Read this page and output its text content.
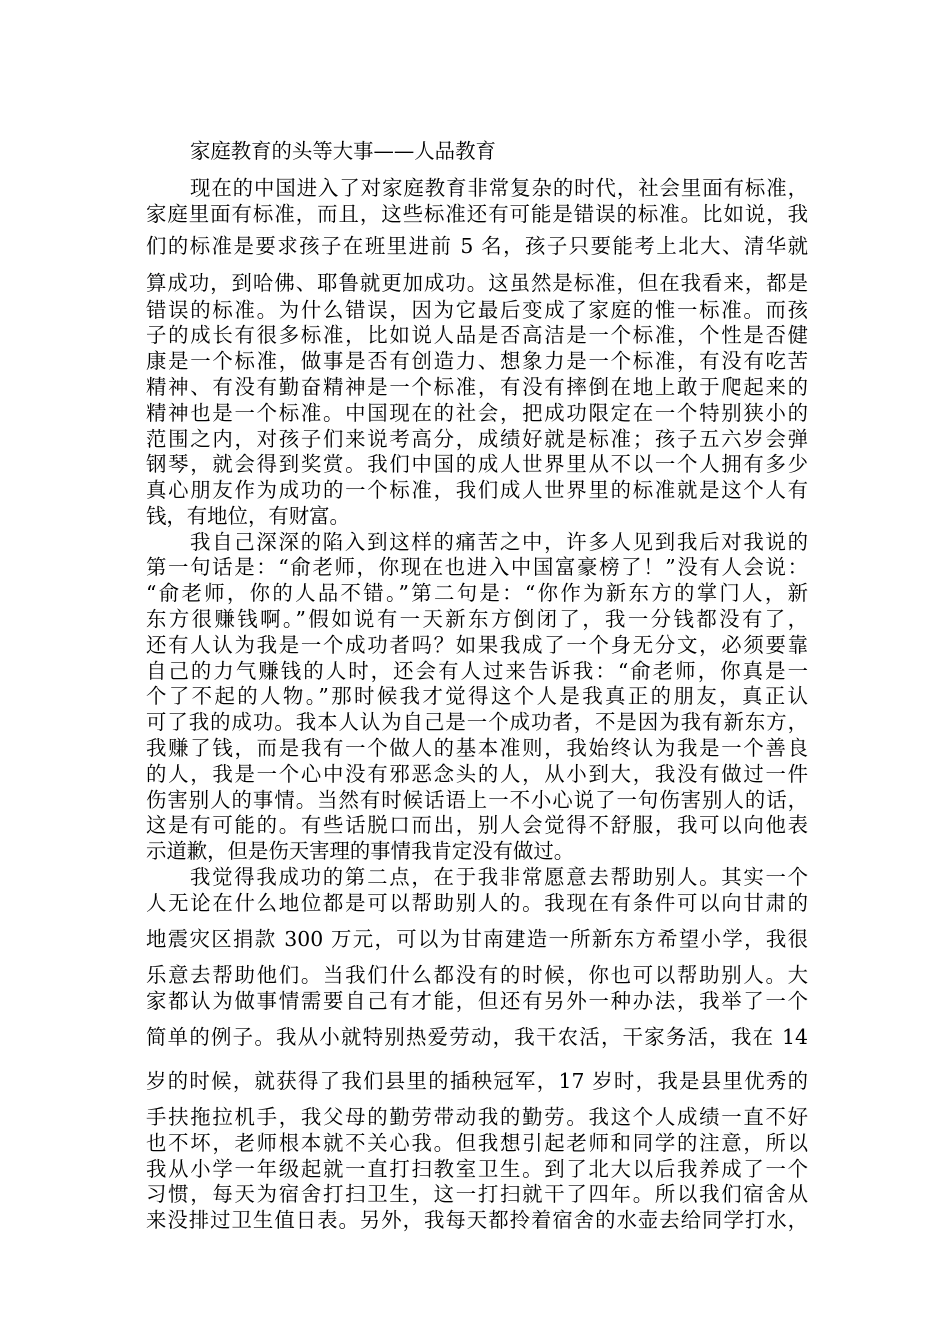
家庭教育的头等大事——人品教育
现在的中国进入了对家庭教育非常复杂的时代，社会里面有标准，
家庭里面有标准，而且，这些标准还有可能是错误的标准。比如说，我
们的标准是要求孩子在班里进前 5 名，孩子只要能考上北大、清华就
算成功，到哈佛、耶鲁就更加成功。这虽然是标准，但在我看来，都是
错误的标准。为什么错误，因为它最后变成了家庭的惟一标准。而孩
子的成长有很多标准，比如说人品是否高洁是一个标准，个性是否健
康是一个标准，做事是否有创造力、想象力是一个标准，有没有吃苦
精神、有没有勤奋精神是一个标准，有没有摔倒在地上敢于爬起来的
精神也是一个标准。中国现在的社会，把成功限定在一个特别狭小的
范围之内，对孩子们来说考高分，成绩好就是标准；孩子五六岁会弹
钢琴，就会得到奖赏。我们中国的成人世界里从不以一个人拥有多少
真心朋友作为成功的一个标准，我们成人世界里的标准就是这个人有
钱，有地位，有财富。
我自己深深的陷入到这样的痛苦之中，许多人见到我后对我说的
第一句话是：“俞老师，你现在也进入中国富豪榜了！”没有人会说：
“俞老师，你的人品不错。”第二句是：“你作为新东方的掌门人，新
东方很赚钱啊。”假如说有一天新东方倒闭了，我一分钱都没有了，
还有人认为我是一个成功者吗？如果我成了一个身无分文，必须要靠
自己的力气赚钱的人时，还会有人过来告诉我：“俞老师，你真是一
个了不起的人物。”那时候我才觉得这个人是我真正的朋友，真正认
可了我的成功。我本人认为自己是一个成功者，不是因为我有新东方，
我赚了钱，而是我有一个做人的基本准则，我始终认为我是一个善良
的人，我是一个心中没有邪恶念头的人，从小到大，我没有做过一件
伤害别人的事情。当然有时候话语上一不小心说了一句伤害别人的话，
这是有可能的。有些话脱口而出，别人会觉得不舒服，我可以向他表
示道歉，但是伤天害理的事情我肯定没有做过。
我觉得我成功的第二点，在于我非常愿意去帮助别人。其实一个
人无论在什么地位都是可以帮助别人的。我现在有条件可以向甘肃的
地震灾区捐款 300 万元，可以为甘南建造一所新东方希望小学，我很
乐意去帮助他们。当我们什么都没有的时候，你也可以帮助别人。大
家都认为做事情需要自己有才能，但还有另外一种办法，我举了一个
简单的例子。我从小就特别热爱劳动，我干农活，干家务活，我在 14
岁的时候，就获得了我们县里的插秧冠军，17 岁时，我是县里优秀的
手扶拖拉机手，我父母的勤劳带动我的勤劳。我这个人成绩一直不好
也不坏，老师根本就不关心我。但我想引起老师和同学的注意，所以
我从小学一年级起就一直打扫教室卫生。到了北大以后我养成了一个
习惯，每天为宿舍打扫卫生，这一打扫就干了四年。所以我们宿舍从
来没排过卫生值日表。另外，我每天都拎着宿舍的水壶去给同学打水，
